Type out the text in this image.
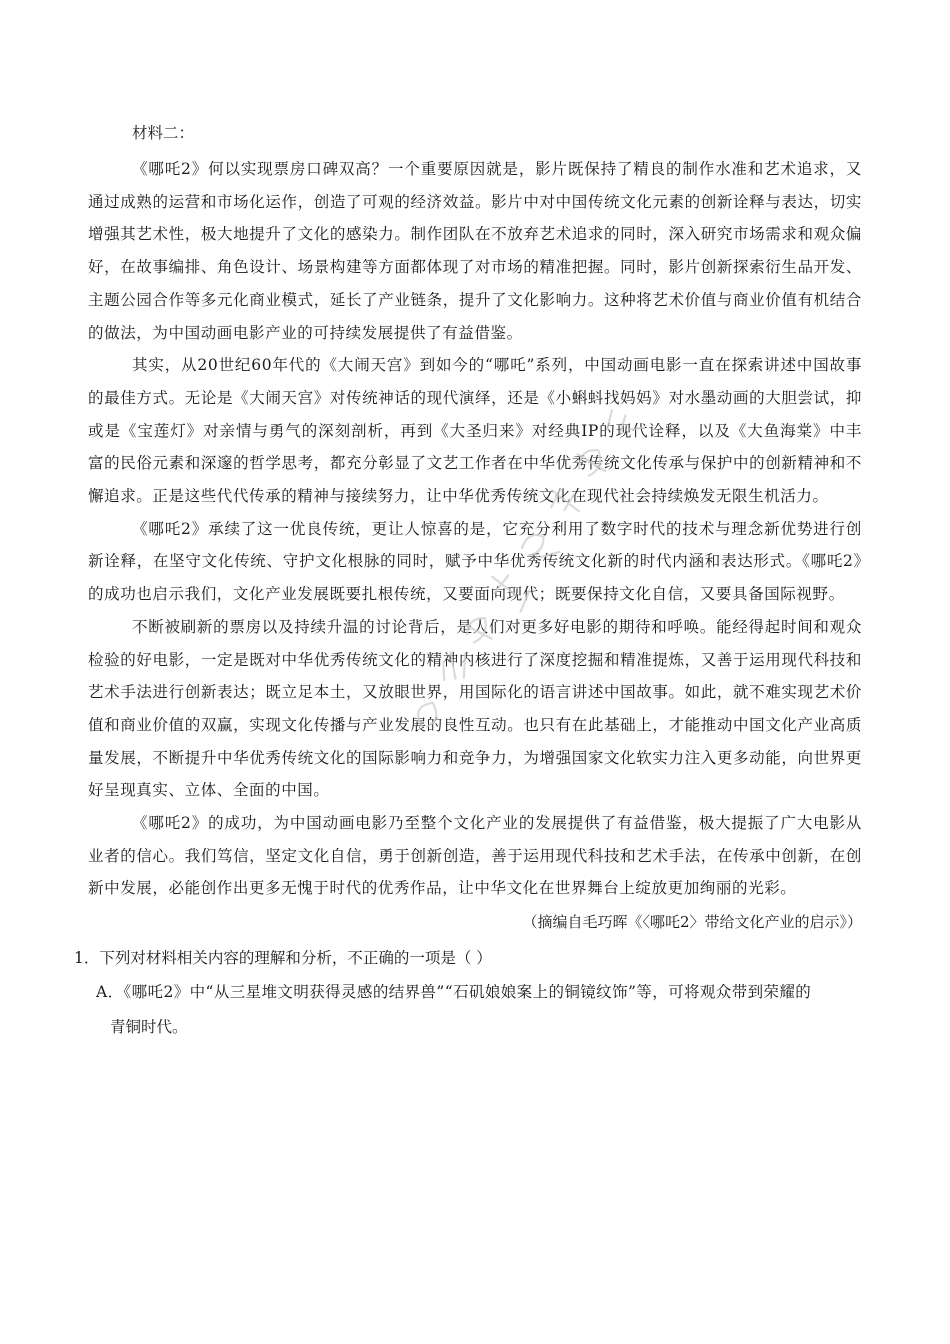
材料二：

《哪吒2》何以实现票房口碑双高？一个重要原因就是，影片既保持了精良的制作水准和艺术追求，又通过成熟的运营和市场化运作，创造了可观的经济效益。影片中对中国传统文化元素的创新诠释与表达，切实增强其艺术性，极大地提升了文化的感染力。制作团队在不放弃艺术追求的同时，深入研究市场需求和观众偏好，在故事编排、角色设计、场景构建等方面都体现了对市场的精准把握。同时，影片创新探索衍生品开发、主题公园合作等多元化商业模式，延长了产业链条，提升了文化影响力。这种将艺术价值与商业价值有机结合的做法，为中国动画电影产业的可持续发展提供了有益借鉴。

其实，从20世纪60年代的《大闹天宫》到如今的“哪吒”系列，中国动画电影一直在探索讲述中国故事的最佳方式。无论是《大闹天宫》对传统神话的现代演绎，还是《小蝌蚪找妈妈》对水墨动画的大胆尝试，抑或是《宝莲灯》对亲情与勇气的深刻剖析，再到《大圣归来》对经典IP的现代诠释，以及《大鱼海棠》中丰富的民俗元素和深邃的哲学思考，都充分彰显了文艺工作者在中华优秀传统文化传承与保护中的创新精神和不懈追求。正是这些代代传承的精神与接续努力，让中华优秀传统文化在现代社会持续焕发无限生机活力。

《哪吒2》承续了这一优良传统，更让人惊喜的是，它充分利用了数字时代的技术与理念新优势进行创新诠释，在坚守文化传统、守护文化根脉的同时，赋予中华优秀传统文化新的时代内涵和表达形式。《哪吒2》的成功也启示我们，文化产业发展既要扎根传统，又要面向现代；既要保持文化自信，又要具备国际视野。

不断被刷新的票房以及持续升温的讨论背后，是人们对更多好电影的期待和呼唤。能经得起时间和观众检验的好电影，一定是既对中华优秀传统文化的精神内核进行了深度挖掘和精准提炼，又善于运用现代科技和艺术手法进行创新表达；既立足本土，又放眼世界，用国际化的语言讲述中国故事。如此，就不难实现艺术价值和商业价值的双赢，实现文化传播与产业发展的良性互动。也只有在此基础上，才能推动中国文化产业高质量发展，不断提升中华优秀传统文化的国际影响力和竞争力，为增强国家文化软实力注入更多动能，向世界更好呈现真实、立体、全面的中国。

《哪吒2》的成功，为中国动画电影乃至整个文化产业的发展提供了有益借鉴，极大提振了广大电影从业者的信心。我们笃信，坚定文化自信，勇于创新创造，善于运用现代科技和艺术手法，在传承中创新，在创新中发展，必能创作出更多无愧于时代的优秀作品，让中华文化在世界舞台上绽放更加绚丽的光彩。

（摘编自毛巧晖《〈哪吒2〉带给文化产业的启示》）

1．下列对材料相关内容的理解和分析，不正确的一项是（ ）

A．《哪吒2》中“从三星堆文明获得灵感的结界兽”“石矶娘娘案上的铜镜纹饰”等，可将观众带到荣耀的

青铜时代。
